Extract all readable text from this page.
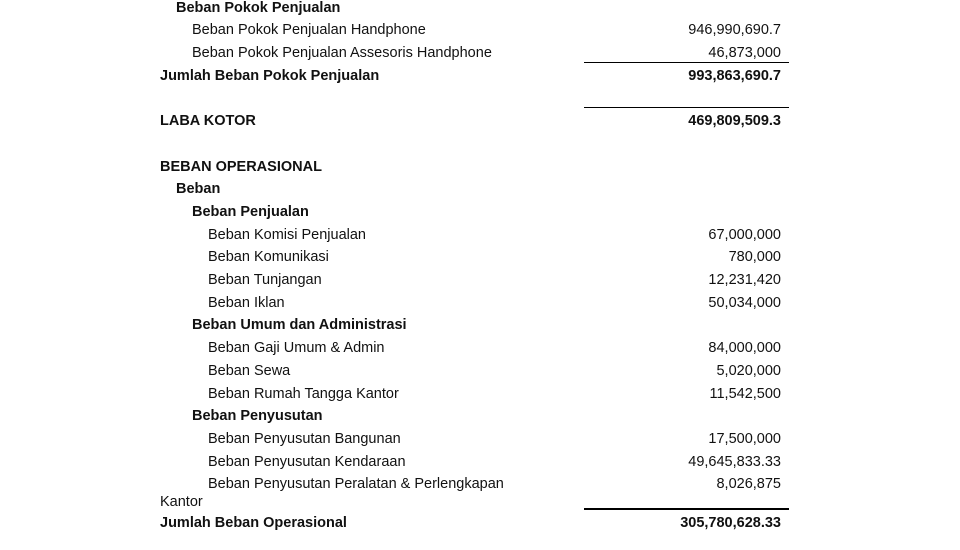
Beban Pokok Penjualan
Beban Pokok Penjualan Handphone	946,990,690.7
Beban Pokok Penjualan Assesoris Handphone	46,873,000
Jumlah Beban Pokok Penjualan	993,863,690.7
LABA KOTOR	469,809,509.3
BEBAN OPERASIONAL
Beban
Beban Penjualan
Beban Komisi Penjualan	67,000,000
Beban Komunikasi	780,000
Beban Tunjangan	12,231,420
Beban Iklan	50,034,000
Beban Umum dan Administrasi
Beban Gaji Umum & Admin	84,000,000
Beban Sewa	5,020,000
Beban Rumah Tangga Kantor	11,542,500
Beban Penyusutan
Beban Penyusutan Bangunan	17,500,000
Beban Penyusutan Kendaraan	49,645,833.33
Beban Penyusutan Peralatan & Perlengkapan	8,026,875
Kantor
Jumlah Beban Operasional	305,780,628.33
